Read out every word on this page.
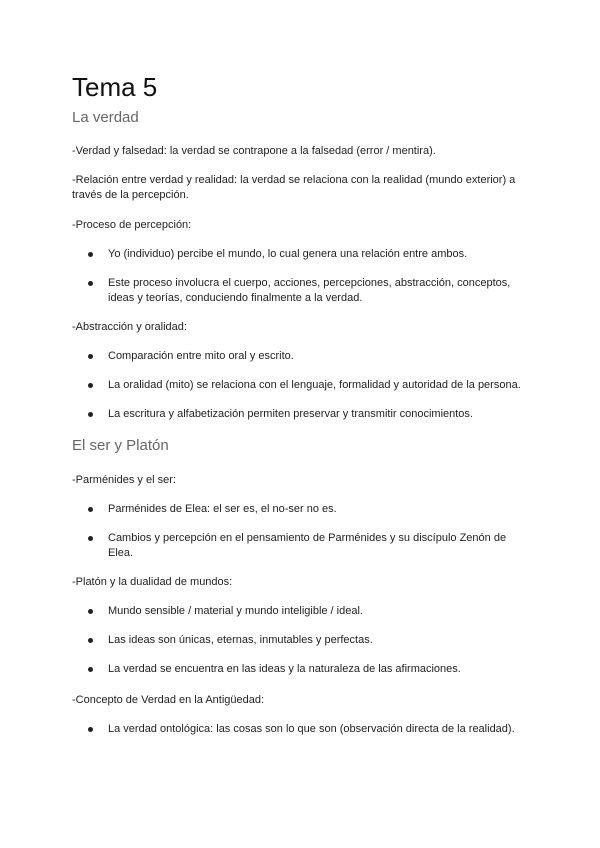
Tema 5
La verdad
-Verdad y falsedad: la verdad se contrapone a la falsedad (error / mentira).
-Relación entre verdad y realidad: la verdad se relaciona con la realidad (mundo exterior) a
través de la percepción.
-Proceso de percepción:
Yo (individuo) percibe el mundo, lo cual genera una relación entre ambos.
Este proceso involucra el cuerpo, acciones, percepciones, abstracción, conceptos,
ideas y teorías, conduciendo finalmente a la verdad.
-Abstracción y oralidad:
Comparación entre mito oral y escrito.
La oralidad (mito) se relaciona con el lenguaje, formalidad y autoridad de la persona.
La escritura y alfabetización permiten preservar y transmitir conocimientos.
El ser y Platón
-Parménides y el ser:
Parménides de Elea: el ser es, el no-ser no es.
Cambios y percepción en el pensamiento de Parménides y su discípulo Zenón de
Elea.
-Platón y la dualidad de mundos:
Mundo sensible / material y mundo inteligible / ideal.
Las ideas son únicas, eternas, inmutables y perfectas.
La verdad se encuentra en las ideas y la naturaleza de las afirmaciones.
-Concepto de Verdad en la Antigüedad:
La verdad ontológica: las cosas son lo que son (observación directa de la realidad).
